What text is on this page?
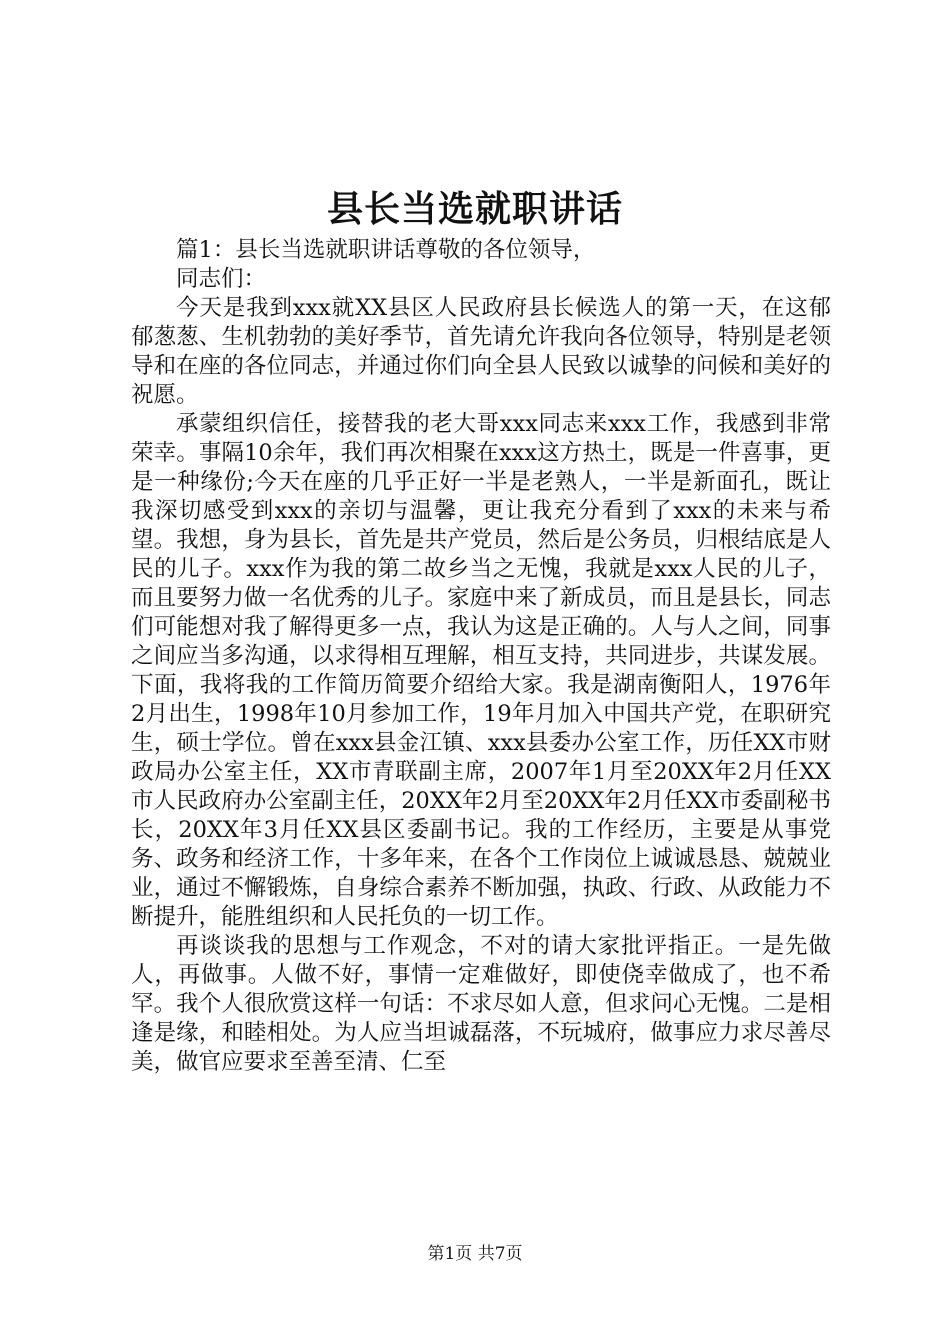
县长当选就职讲话

篇1：县长当选就职讲话尊敬的各位领导，

同志们：

今天是我到xxx就XX县区人民政府县长候选人的第一天，在这郁郁葱葱、生机勃勃的美好季节，首先请允许我向各位领导，特别是老领导和在座的各位同志，并通过你们向全县人民致以诚挚的问候和美好的祝愿。

承蒙组织信任，接替我的老大哥xxx同志来xxx工作，我感到非常荣幸。事隔10余年，我们再次相聚在xxx这方热土，既是一件喜事，更是一种缘份;今天在座的几乎正好一半是老熟人，一半是新面孔，既让我深切感受到xxx的亲切与温馨，更让我充分看到了xxx的未来与希望。我想，身为县长，首先是共产党员，然后是公务员，归根结底是人民的儿子。xxx作为我的第二故乡当之无愧，我就是xxx人民的儿子，而且要努力做一名优秀的儿子。家庭中来了新成员，而且是县长，同志们可能想对我了解得更多一点，我认为这是正确的。人与人之间，同事之间应当多沟通，以求得相互理解，相互支持，共同进步，共谋发展。下面，我将我的工作简历简要介绍给大家。我是湖南衡阳人，1976年2月出生，1998年10月参加工作，19年月加入中国共产党，在职研究生，硕士学位。曾在xxx县金江镇、xxx县委办公室工作，历任XX市财政局办公室主任，XX市青联副主席，2007年1月至20XX年2月任XX市人民政府办公室副主任，20XX年2月至20XX年2月任XX市委副秘书长，20XX年3月任XX县区委副书记。我的工作经历，主要是从事党务、政务和经济工作，十多年来，在各个工作岗位上诚诚恳恳、兢兢业业，通过不懈锻炼，自身综合素养不断加强，执政、行政、从政能力不断提升，能胜组织和人民托负的一切工作。

再谈谈我的思想与工作观念，不对的请大家批评指正。一是先做人，再做事。人做不好，事情一定难做好，即使侥幸做成了，也不希罕。我个人很欣赏这样一句话：不求尽如人意，但求问心无愧。二是相逢是缘，和睦相处。为人应当坦诚磊落，不玩城府，做事应力求尽善尽美，做官应要求至善至清、仁至

第1页 共7页
